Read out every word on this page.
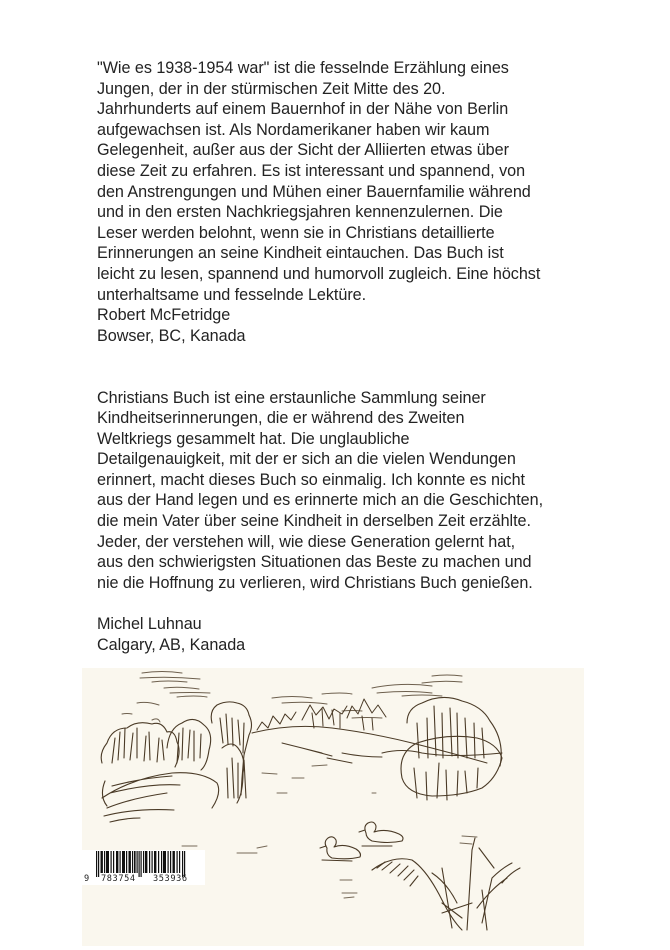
"Wie es 1938-1954 war" ist die fesselnde Erzählung eines
Jungen, der in der stürmischen Zeit Mitte des 20.
Jahrhunderts auf einem Bauernhof in der Nähe von Berlin
aufgewachsen ist. Als Nordamerikaner haben wir kaum
Gelegenheit, außer aus der Sicht der Alliierten etwas über
diese Zeit zu erfahren. Es ist interessant und spannend, von
den Anstrengungen und Mühen einer Bauernfamilie während
und in den ersten Nachkriegsjahren kennenzulernen. Die
Leser werden belohnt, wenn sie in Christians detaillierte
Erinnerungen an seine Kindheit eintauchen. Das Buch ist
leicht zu lesen, spannend und humorvoll zugleich. Eine höchst
unterhaltsame und fesselnde Lektüre.
Robert McFetridge
Bowser, BC, Kanada
Christians Buch ist eine erstaunliche Sammlung seiner
Kindheitserinnerungen, die er während des Zweiten
Weltkriegs gesammelt hat. Die unglaubliche
Detailgenauigkeit, mit der er sich an die vielen Wendungen
erinnert, macht dieses Buch so einmalig. Ich konnte es nicht
aus der Hand legen und es erinnerte mich an die Geschichten,
die mein Vater über seine Kindheit in derselben Zeit erzählte.
Jeder, der verstehen will, wie diese Generation gelernt hat,
aus den schwierigsten Situationen das Beste zu machen und
nie die Hoffnung zu verlieren, wird Christians Buch genießen.
Michel Luhnau
Calgary, AB, Kanada

9

783754

353936
